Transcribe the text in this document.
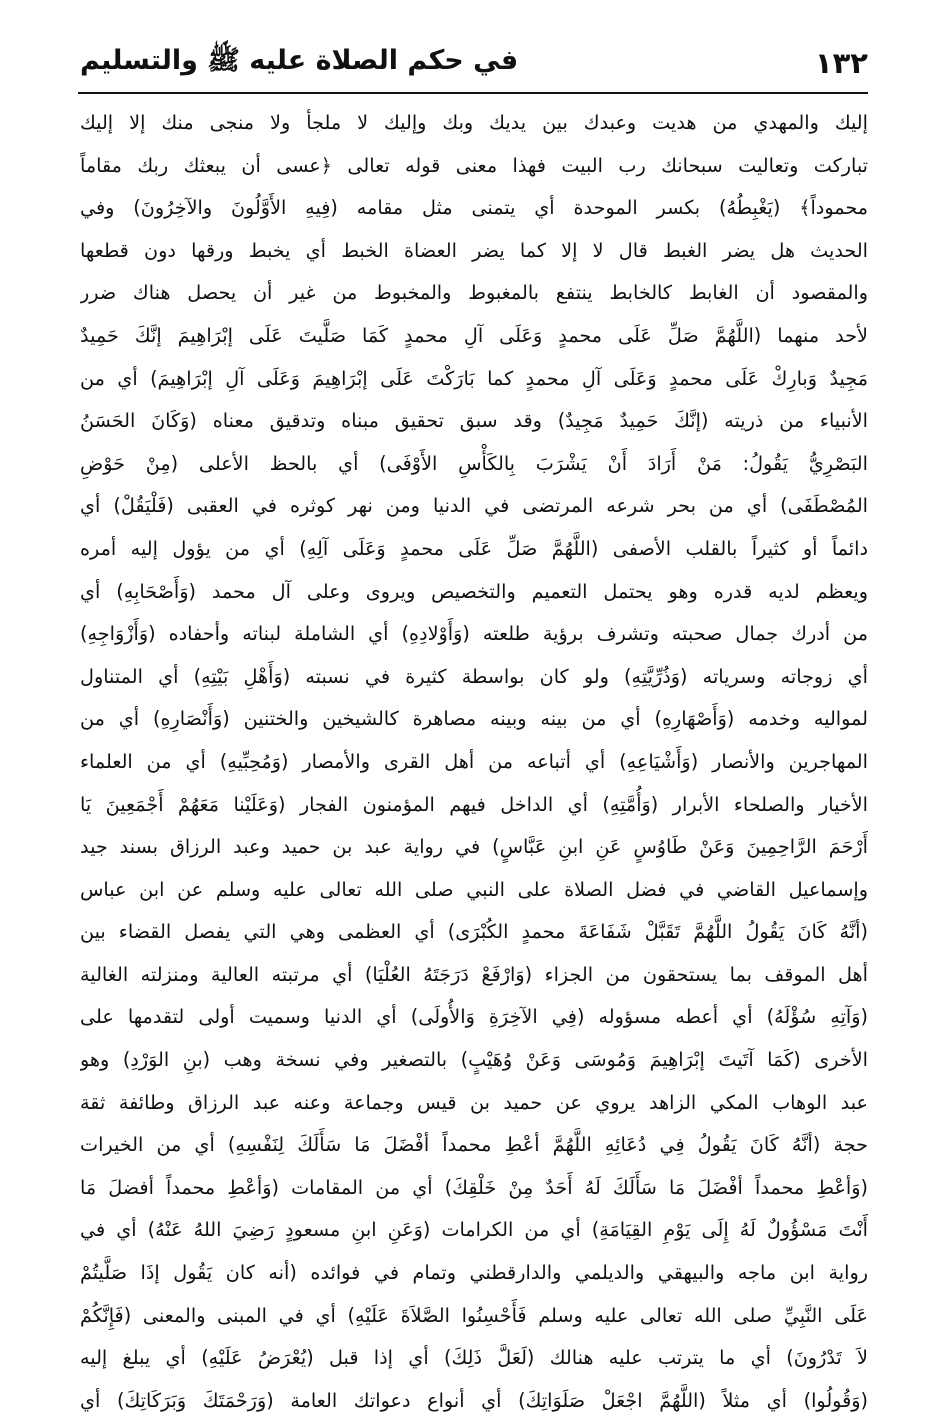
١٣٢
في حكم الصلاة عليه ﷺ والتسليم
إليك والمهدي من هديت وعبدك بين يديك وبك وإليك لا ملجأ ولا منجى منك إلا إليك
تباركت وتعاليت سبحانك رب البيت فهذا معنى قوله تعالى ﴿عسى أن يبعثك ربك مقاماً
محموداً﴾ (يَغْبِطُهُ) بكسر الموحدة أي يتمنى مثل مقامه (فِيهِ الأَوَّلُونَ والآخِرُونَ) وفي
الحديث هل يضر الغبط قال لا إلا كما يضر العضاة الخبط أي يخبط ورقها دون قطعها
والمقصود أن الغابط كالخابط ينتفع بالمغبوط والمخبوط من غير أن يحصل هناك ضرر
لأحد منهما (اللَّهُمَّ صَلِّ عَلَى محمدٍ وَعَلَى آلِ محمدٍ كَمَا صَلَّيتَ عَلَى إبْرَاهِيمَ إنَّكَ حَمِيدٌ
مَجِيدٌ وَبارِكْ عَلَى محمدٍ وَعَلَى آلِ محمدٍ كما بَارَكْتَ عَلَى إبْرَاهِيمَ وَعَلَى آلِ إبْرَاهِيمَ) أي من
الأنبياء من ذريته (إنَّكَ حَمِيدٌ مَجِيدٌ) وقد سبق تحقيق مبناه وتدقيق معناه (وَكَانَ الحَسَنُ
البَصْرِيُّ يَقُولُ: مَنْ أَرَادَ أَنْ يَشْرَبَ بِالكَأْسِ الأَوْفَى) أي بالحظ الأعلى (مِنْ حَوْضِ
المُصْطَفَى) أي من بحر شرعه المرتضى في الدنيا ومن نهر كوثره في العقبى (فَلْيَقُلْ) أي
دائماً أو كثيراً بالقلب الأصفى (اللَّهُمَّ صَلِّ عَلَى محمدٍ وَعَلَى آلِهِ) أي من يؤول إليه أمره
ويعظم لديه قدره وهو يحتمل التعميم والتخصيص ويروى وعلى آل محمد (وَأَصْحَابِهِ) أي
من أدرك جمال صحبته وتشرف برؤية طلعته (وَأَوْلادِهِ) أي الشاملة لبناته وأحفاده (وَأَزْوَاجِهِ)
أي زوجاته وسرياته (وَذُرِّيَّتِهِ) ولو كان بواسطة كثيرة في نسبته (وَأَهْلِ بَيْتِهِ) أي المتناول
لمواليه وخدمه (وَأَصْهَارِهِ) أي من بينه وبينه مصاهرة كالشيخين والختنين (وَأَنْصَارِهِ) أي من
المهاجرين والأنصار (وَأَشْيَاعِهِ) أي أتباعه من أهل القرى والأمصار (وَمُحِبِّيهِ) أي من العلماء
الأخيار والصلحاء الأبرار (وَأُمَّتِهِ) أي الداخل فيهم المؤمنون الفجار (وَعَلَيْنا مَعَهُمْ أَجْمَعِينَ يَا
أَرْحَمَ الرَّاحِمِينَ وَعَنْ طَاوُسٍ عَنِ ابنِ عَبَّاسٍ) في رواية عبد بن حميد وعبد الرزاق بسند جيد
وإسماعيل القاضي في فضل الصلاة على النبي صلى الله تعالى عليه وسلم عن ابن عباس
(أنَّهُ كَانَ يَقُولُ اللَّهُمَّ تَقَبَّلْ شَفَاعَةَ محمدٍ الكُبْرَى) أي العظمى وهي التي يفصل القضاء بين
أهل الموقف بما يستحقون من الجزاء (وَارْفَعْ دَرَجَتَهُ العُلْيَا) أي مرتبته العالية ومنزلته الغالية
(وَآتِهِ سُؤْلَهُ) أي أعطه مسؤوله (فِي الآخِرَةِ وَالأُولَى) أي الدنيا وسميت أولى لتقدمها على
الأخرى (كَمَا آتَيتَ إبْرَاهِيمَ وَمُوسَى وَعَنْ وُهَيْبٍ) بالتصغير وفي نسخة وهب (بنِ الوَرْدِ) وهو
عبد الوهاب المكي الزاهد يروي عن حميد بن قيس وجماعة وعنه عبد الرزاق وطائفة ثقة
حجة (أنَّهُ كَانَ يَقُولُ فِي دُعَائِهِ اللَّهُمَّ أعْطِ محمداً أفْضَلَ مَا سَأَلَكَ لِنَفْسِهِ) أي من الخيرات
(وَأعْطِ محمداً أفْضَلَ مَا سَأَلَكَ لَهُ أَحَدٌ مِنْ خَلْقِكَ) أي من المقامات (وَأعْطِ محمداً أفضلَ مَا
أَنْتَ مَسْؤُولٌ لَهُ إِلَى يَوْمِ القِيَامَةِ) أي من الكرامات (وَعَنِ ابنِ مسعودٍ رَضِيَ اللهُ عَنْهُ) أي في
رواية ابن ماجه والبيهقي والديلمي والدارقطني وتمام في فوائده (أنه كان يَقُول إذَا صَلَّيتُمْ
عَلَى النَّبِيِّ صلى الله تعالى عليه وسلم فَأَحْسِنُوا الصَّلاَةَ عَلَيْهِ) أي في المبنى والمعنى (فَإِنَّكُمْ
لاَ تَدْرُونَ) أي ما يترتب عليه هنالك (لَعَلَّ ذَلِكَ) أي إذا قبل (يُعْرَضُ عَلَيْهِ) أي يبلغ إليه
(وَقُولُوا) أي مثلاً (اللَّهُمَّ اجْعَلْ صَلَوَاتِكَ) أي أنواع دعواتك العامة (وَرَحْمَتَكَ وَبَرَكَاتِكَ) أي
